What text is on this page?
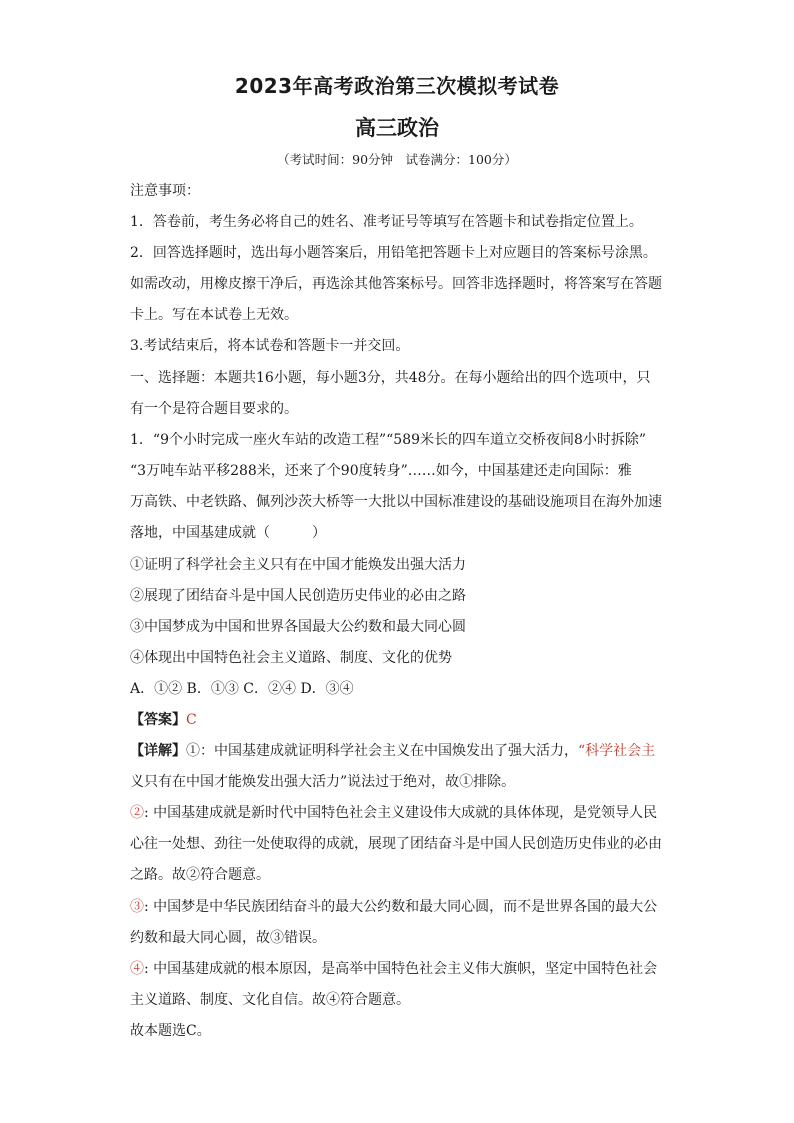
2023年高考政治第三次模拟考试卷
高三政治
（考试时间：90分钟　试卷满分：100分）
注意事项：
1．答卷前，考生务必将自己的姓名、准考证号等填写在答题卡和试卷指定位置上。
2．回答选择题时，选出每小题答案后，用铅笔把答题卡上对应题目的答案标号涂黑。
如需改动，用橡皮擦干净后，再选涂其他答案标号。回答非选择题时，将答案写在答题
卡上。写在本试卷上无效。
3.考试结束后，将本试卷和答题卡一并交回。
一、选择题：本题共16小题，每小题3分，共48分。在每小题给出的四个选项中，只
有一个是符合题目要求的。
1．“9个小时完成一座火车站的改造工程”“589米长的四车道立交桥夜间8小时拆除”
“3万吨车站平移288米，还来了个90度转身”……如今，中国基建还走向国际：雅
万高铁、中老铁路、佩列沙茨大桥等一大批以中国标准建设的基础设施项目在海外加速
落地，中国基建成就（　　　）
①证明了科学社会主义只有在中国才能焕发出强大活力
②展现了团结奋斗是中国人民创造历史伟业的必由之路
③中国梦成为中国和世界各国最大公约数和最大同心圆
④体现出中国特色社会主义道路、制度、文化的优势
A．①② B．①③ C．②④ D．③④
【答案】C
【详解】①：中国基建成就证明科学社会主义在中国焕发出了强大活力，“科学社会主
义只有在中国才能焕发出强大活力”说法过于绝对，故①排除。
②: 中国基建成就是新时代中国特色社会主义建设伟大成就的具体体现，是党领导人民
心往一处想、劲往一处使取得的成就，展现了团结奋斗是中国人民创造历史伟业的必由
之路。故②符合题意。
③: 中国梦是中华民族团结奋斗的最大公约数和最大同心圆，而不是世界各国的最大公
约数和最大同心圆，故③错误。
④: 中国基建成就的根本原因，是高举中国特色社会主义伟大旗帜，坚定中国特色社会
主义道路、制度、文化自信。故④符合题意。
故本题选C。
